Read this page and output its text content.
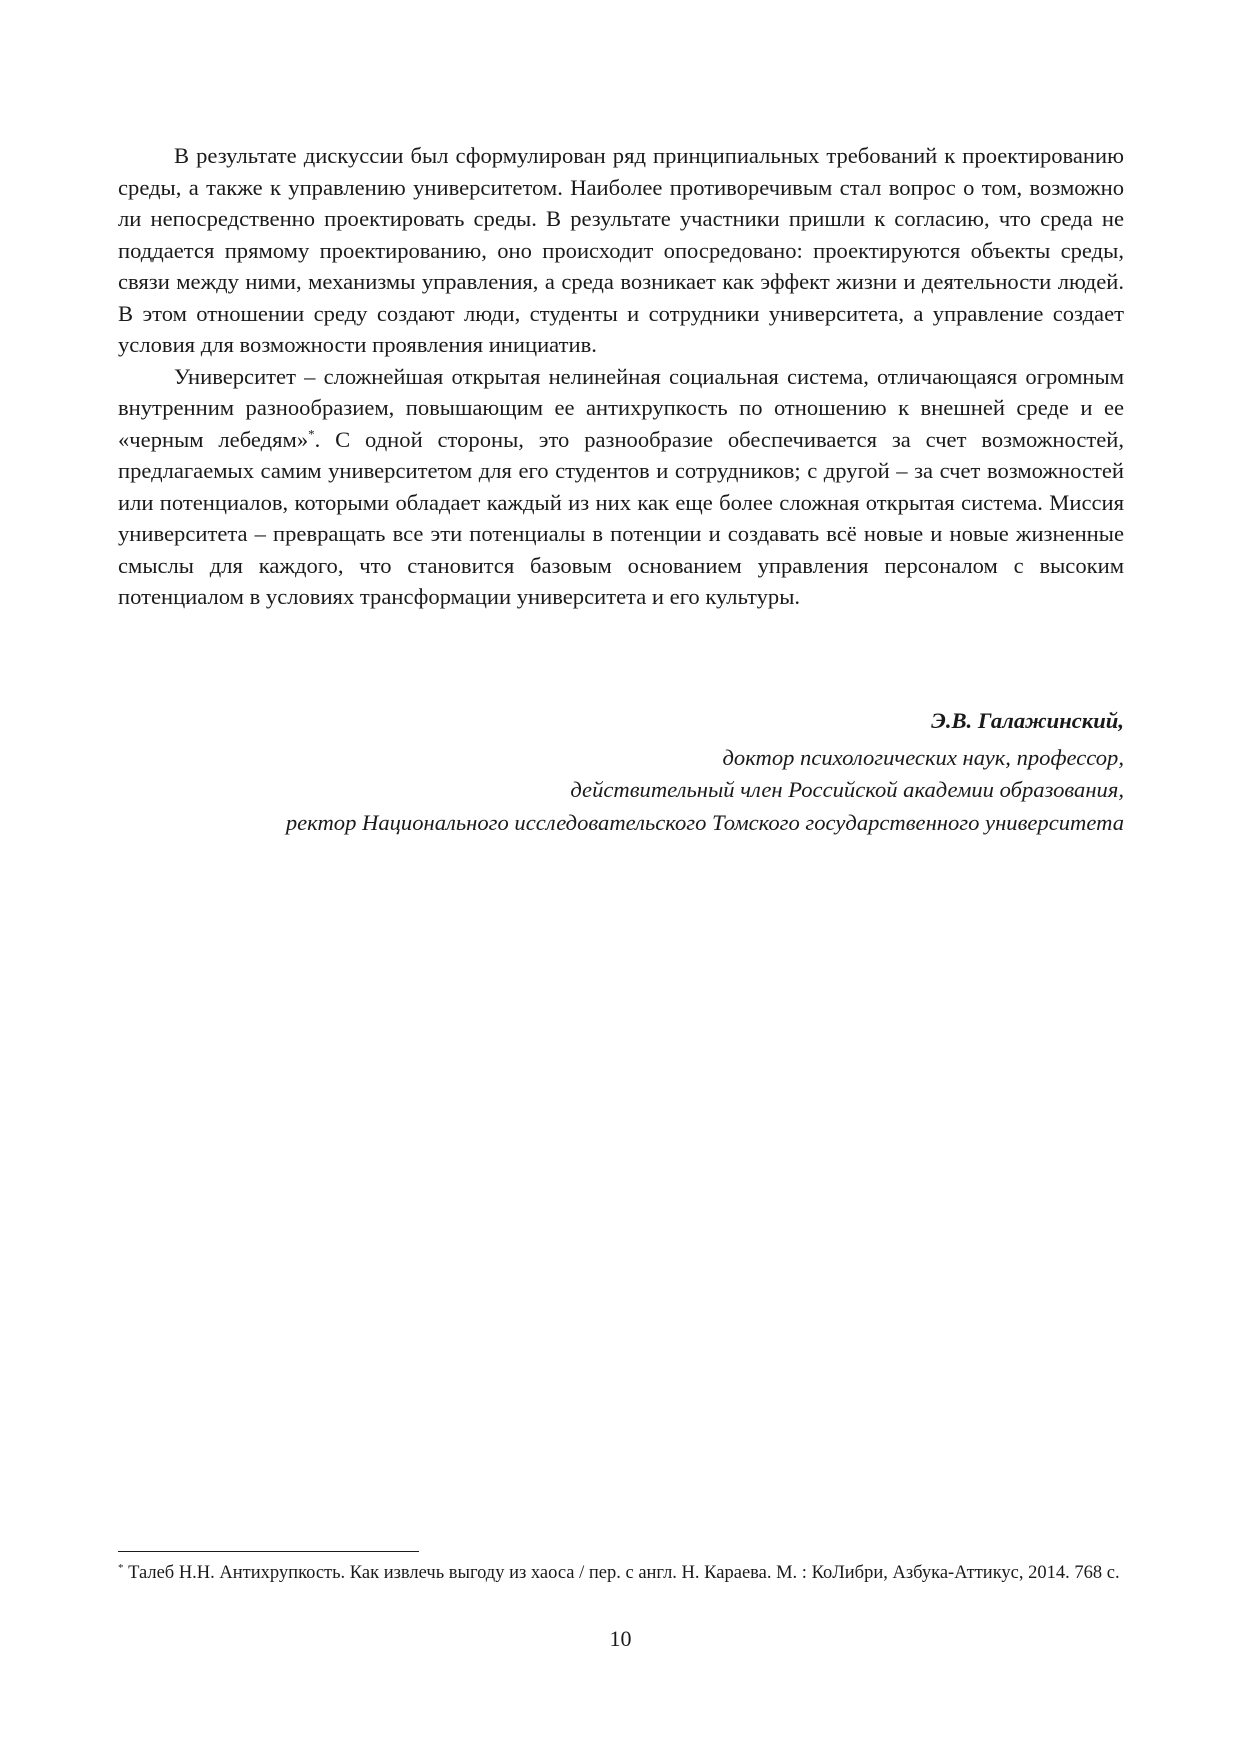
В результате дискуссии был сформулирован ряд принципиальных требований к проектированию среды, а также к управлению университетом. Наиболее противоречивым стал вопрос о том, возможно ли непосредственно проектировать среды. В результате участники пришли к согласию, что среда не поддается прямому проектированию, оно происходит опосредовано: проектируются объекты среды, связи между ними, механизмы управления, а среда возникает как эффект жизни и деятельности людей. В этом отношении среду создают люди, студенты и сотрудники университета, а управление создает условия для возможности проявления инициатив.

Университет – сложнейшая открытая нелинейная социальная система, отличающаяся огромным внутренним разнообразием, повышающим ее антихрупкость по отношению к внешней среде и ее «черным лебедям»*. С одной стороны, это разнообразие обеспечивается за счет возможностей, предлагаемых самим университетом для его студентов и сотрудников; с другой – за счет возможностей или потенциалов, которыми обладает каждый из них как еще более сложная открытая система. Миссия университета – превращать все эти потенциалы в потенции и создавать всё новые и новые жизненные смыслы для каждого, что становится базовым основанием управления персоналом с высоким потенциалом в условиях трансформации университета и его культуры.

Э.В. Галажинский,
доктор психологических наук, профессор,
действительный член Российской академии образования,
ректор Национального исследовательского Томского государственного университета
* Талеб Н.Н. Антихрупкость. Как извлечь выгоду из хаоса / пер. с англ. Н. Караева. М. : КоЛибри, Азбука-Аттикус, 2014. 768 с.
10
